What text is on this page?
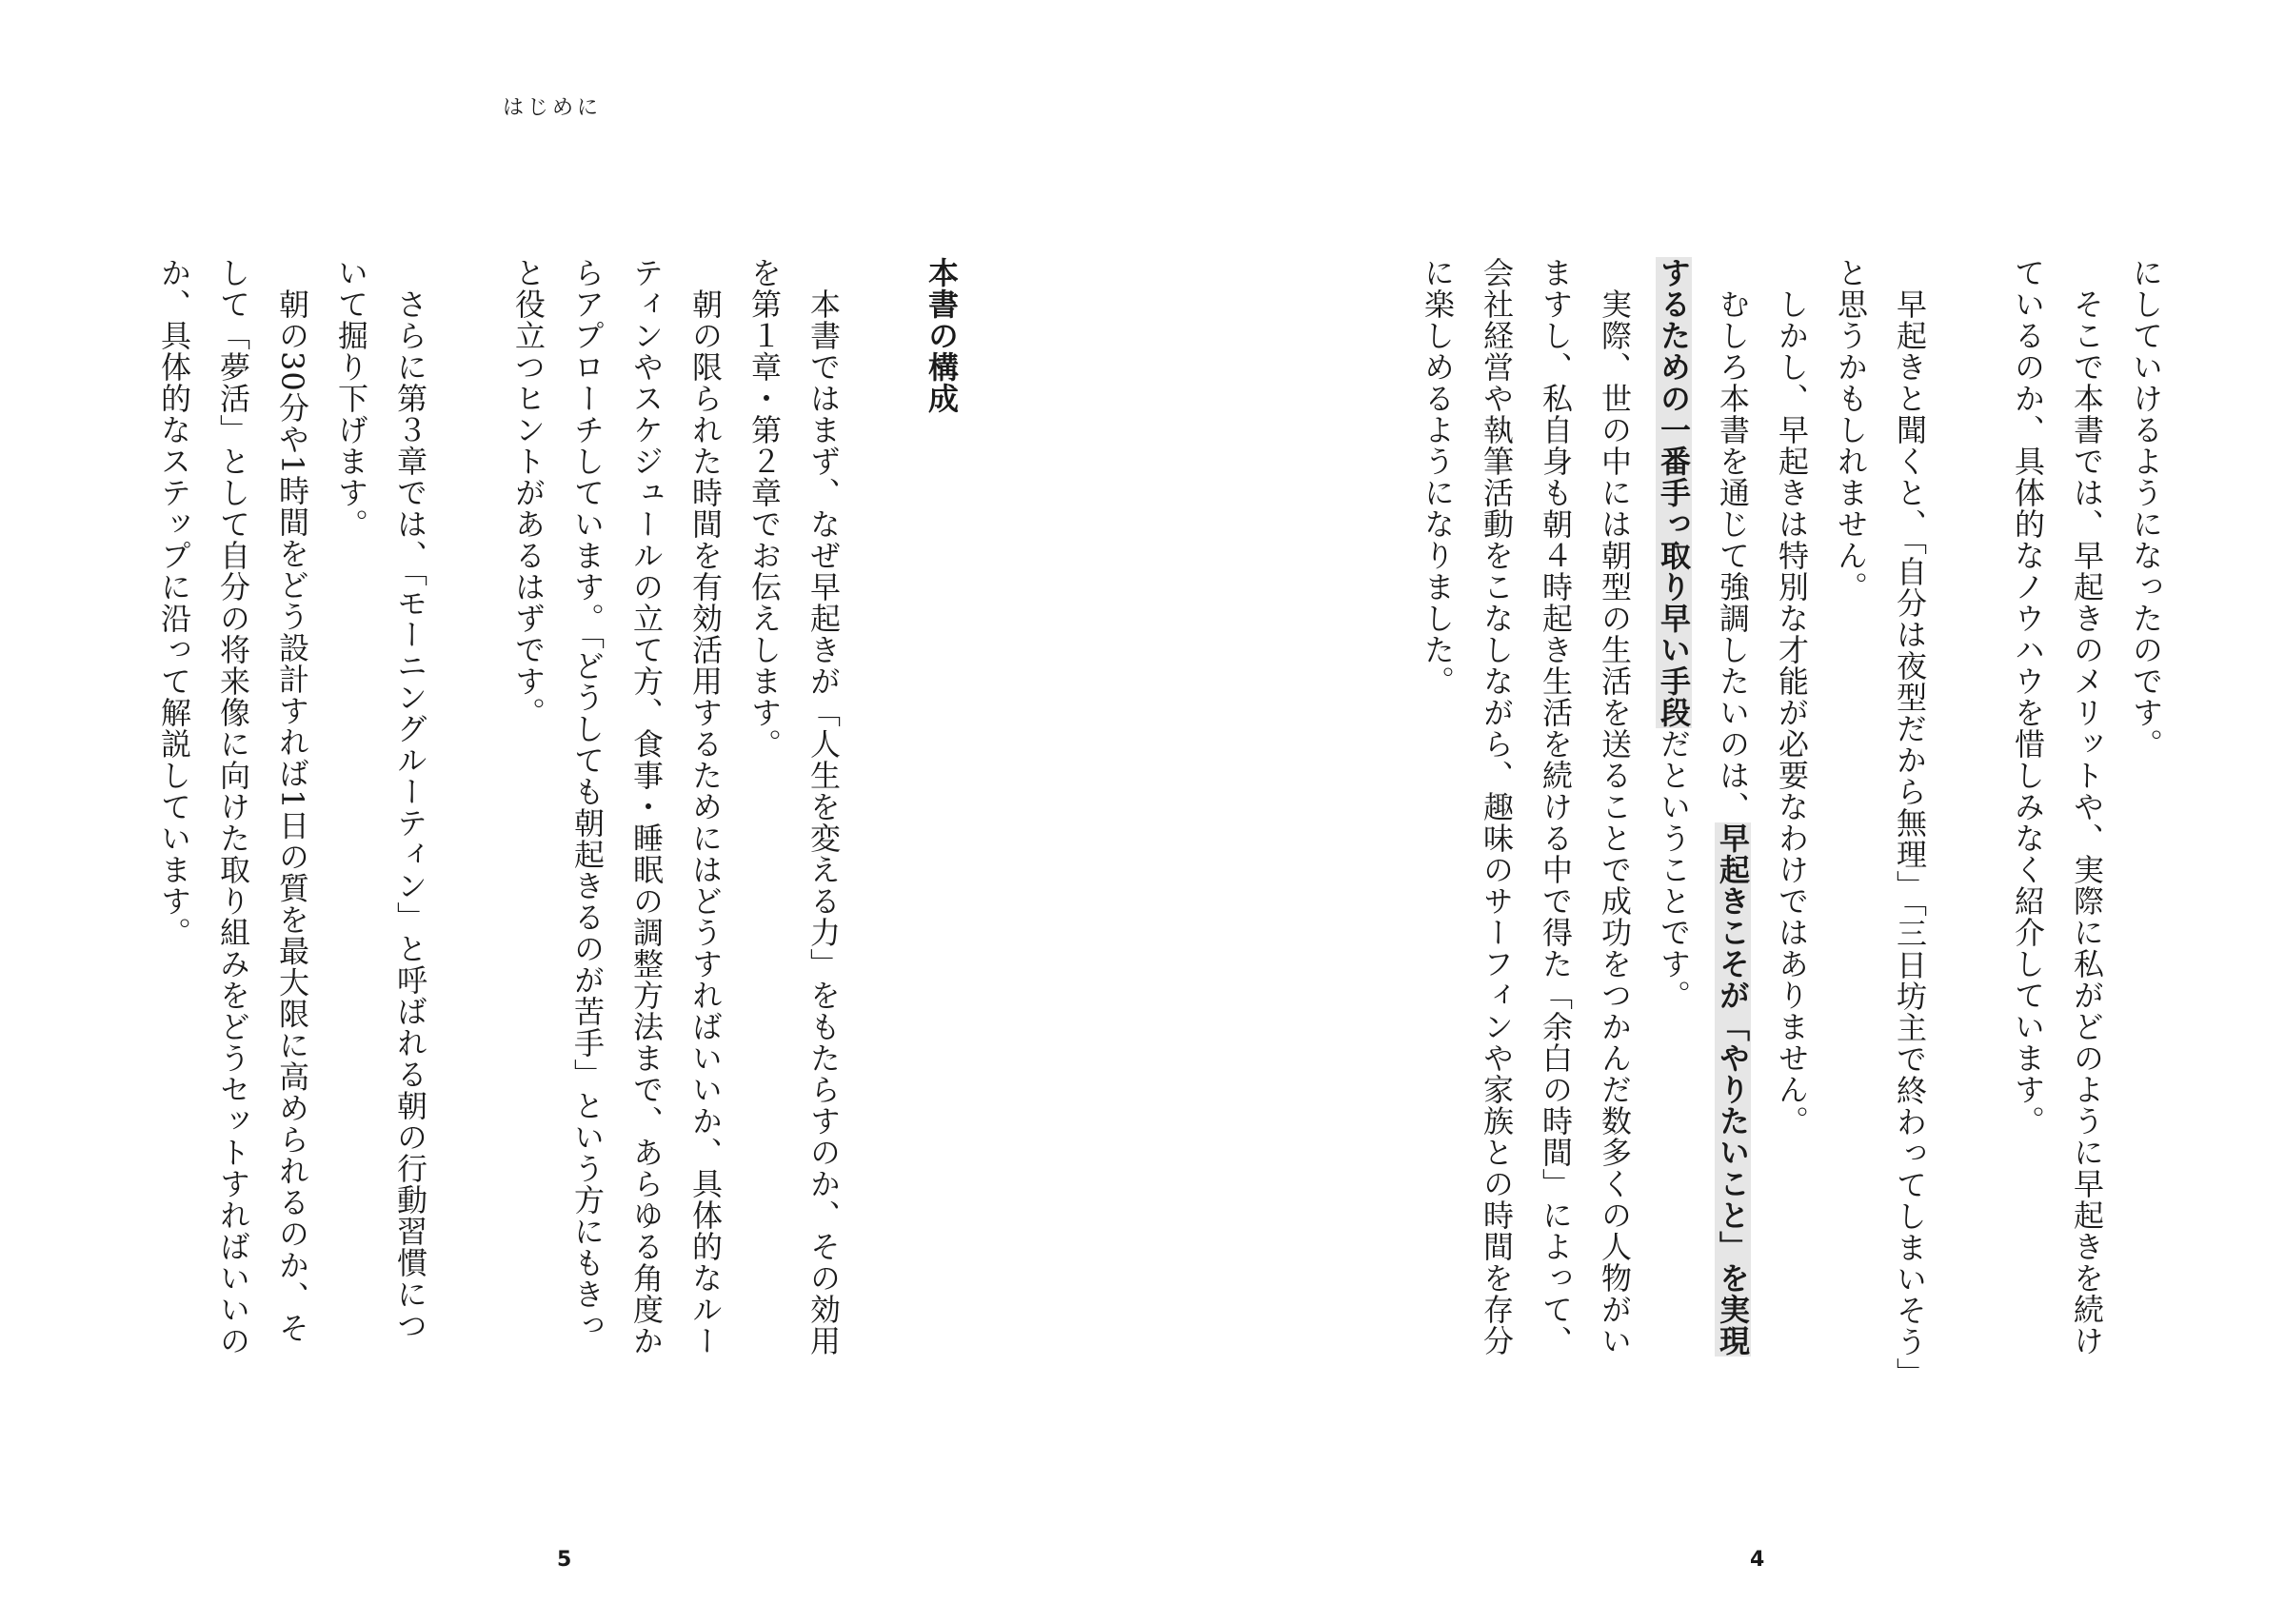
はじめに
にしていけるようになったのです。
そこで本書では、早起きのメリットや、実際に私がどのように早起きを続け
ているのか、具体的なノウハウを惜しみなく紹介しています。

早起きと聞くと、「自分は夜型だから無理」「三日坊主で終わってしまいそう」
と思うかもしれません。
しかし、早起きは特別な才能が必要なわけではありません。
むしろ本書を通じて強調したいのは、早起きこそが「やりたいこと」を実現
するための一番手っ取り早い手段だということです。
実際、世の中には朝型の生活を送ることで成功をつかんだ数多くの人物がい
ますし、私自身も朝４時起き生活を続ける中で得た「余白の時間」によって、
会社経営や執筆活動をこなしながら、趣味のサーフィンや家族との時間を存分
に楽しめるようになりました。
本書の構成

本書ではまず、なぜ早起きが「人生を変える力」をもたらすのか、その効用
を第１章・第２章でお伝えします。
朝の限られた時間を有効活用するためにはどうすればいいか、具体的なルー
ティンやスケジュールの立て方、食事・睡眠の調整方法まで、あらゆる角度か
らアプローチしています。「どうしても朝起きるのが苦手」という方にもきっ
と役立つヒントがあるはずです。

さらに第３章では、「モーニングルーティン」と呼ばれる朝の行動習慣につ
いて掘り下げます。
朝の30分や1時間をどう設計すれば1日の質を最大限に高められるのか、そ
して「夢活」として自分の将来像に向けた取り組みをどうセットすればいいの
か、具体的なステップに沿って解説しています。
5	4
